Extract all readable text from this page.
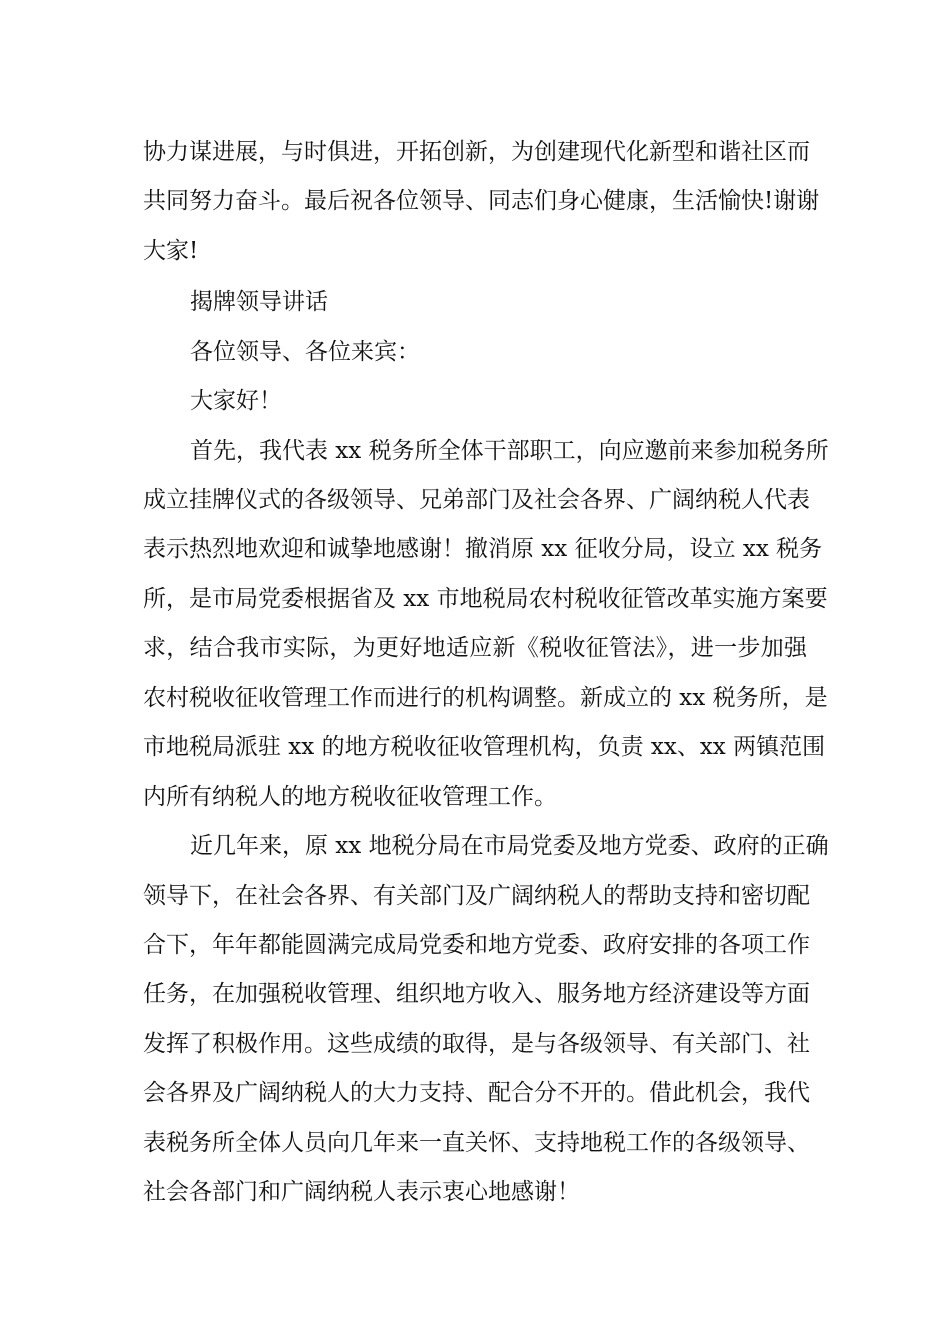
协力谋进展，与时俱进，开拓创新，为创建现代化新型和谐社区而
共同努力奋斗。最后祝各位领导、同志们身心健康，生活愉快!谢谢
大家!
揭牌领导讲话
各位领导、各位来宾：
大家好！
首先，我代表 xx 税务所全体干部职工，向应邀前来参加税务所
成立挂牌仪式的各级领导、兄弟部门及社会各界、广阔纳税人代表
表示热烈地欢迎和诚挚地感谢！撤消原 xx 征收分局，设立 xx 税务
所，是市局党委根据省及 xx 市地税局农村税收征管改革实施方案要
求，结合我市实际，为更好地适应新《税收征管法》，进一步加强
农村税收征收管理工作而进行的机构调整。新成立的 xx 税务所，是
市地税局派驻 xx 的地方税收征收管理机构，负责 xx、xx 两镇范围
内所有纳税人的地方税收征收管理工作。
近几年来，原 xx 地税分局在市局党委及地方党委、政府的正确
领导下，在社会各界、有关部门及广阔纳税人的帮助支持和密切配
合下，年年都能圆满完成局党委和地方党委、政府安排的各项工作
任务，在加强税收管理、组织地方收入、服务地方经济建设等方面
发挥了积极作用。这些成绩的取得，是与各级领导、有关部门、社
会各界及广阔纳税人的大力支持、配合分不开的。借此机会，我代
表税务所全体人员向几年来一直关怀、支持地税工作的各级领导、
社会各部门和广阔纳税人表示衷心地感谢！
